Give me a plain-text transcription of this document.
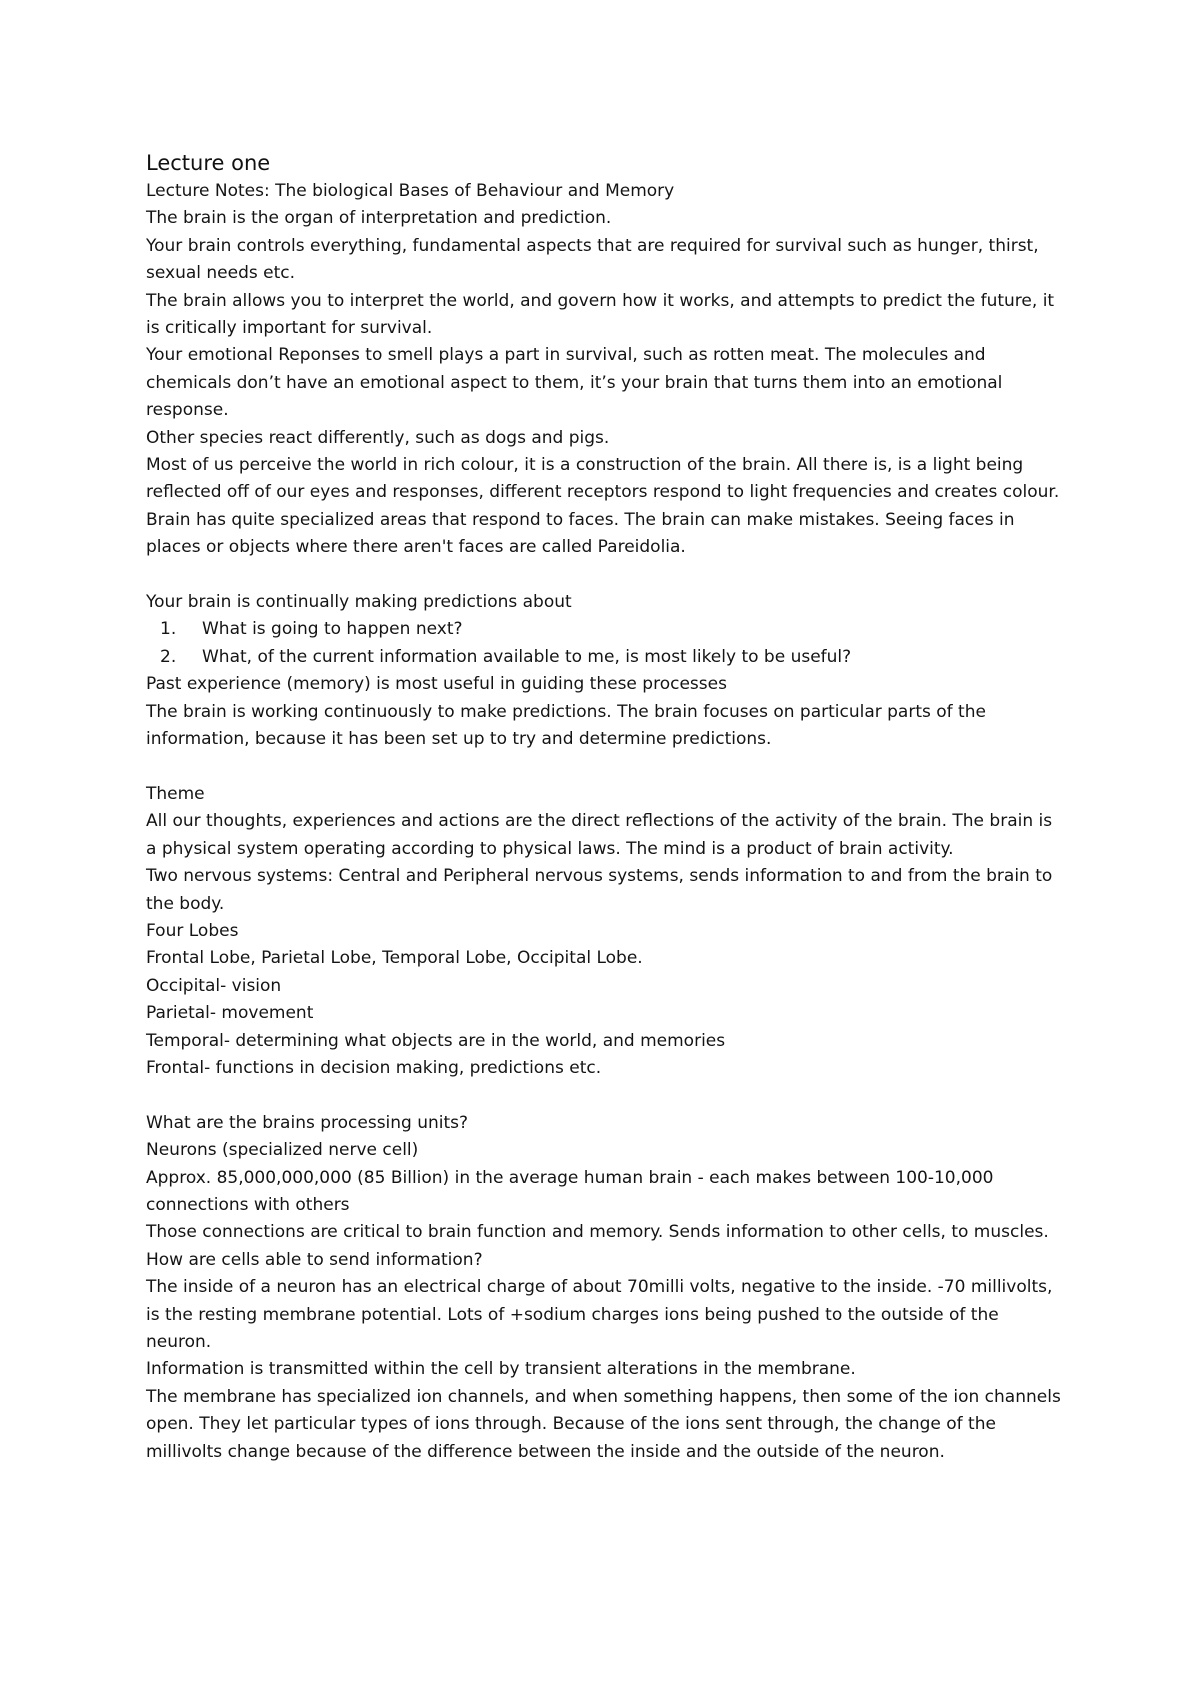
Lecture one

Lecture Notes: The biological Bases of Behaviour and Memory

The brain is the organ of interpretation and prediction.

Your brain controls everything, fundamental aspects that are required for survival such as hunger, thirst, sexual needs etc.

The brain allows you to interpret the world, and govern how it works, and attempts to predict the future, it is critically important for survival.

Your emotional Reponses to smell plays a part in survival, such as rotten meat. The molecules and chemicals don’t have an emotional aspect to them, it’s your brain that turns them into an emotional response.

Other species react differently, such as dogs and pigs.

Most of us perceive the world in rich colour, it is a construction of the brain. All there is, is a light being reflected off of our eyes and responses, different receptors respond to light frequencies and creates colour.

Brain has quite specialized areas that respond to faces. The brain can make mistakes. Seeing faces in places or objects where there aren't faces are called Pareidolia.

Your brain is continually making predictions about

1. What is going to happen next?
2. What, of the current information available to me, is most likely to be useful?

Past experience (memory) is most useful in guiding these processes

The brain is working continuously to make predictions. The brain focuses on particular parts of the information, because it has been set up to try and determine predictions.

Theme

All our thoughts, experiences and actions are the direct reflections of the activity of the brain. The brain is a physical system operating according to physical laws. The mind is a product of brain activity.

Two nervous systems: Central and Peripheral nervous systems, sends information to and from the brain to the body.

Four Lobes

Frontal Lobe, Parietal Lobe, Temporal Lobe, Occipital Lobe.

Occipital- vision

Parietal- movement

Temporal- determining what objects are in the world, and memories

Frontal- functions in decision making, predictions etc.

What are the brains processing units?

Neurons (specialized nerve cell)

Approx. 85,000,000,000 (85 Billion) in the average human brain - each makes between 100-10,000 connections with others

Those connections are critical to brain function and memory. Sends information to other cells, to muscles.

How are cells able to send information?

The inside of a neuron has an electrical charge of about 70milli volts, negative to the inside. -70 millivolts, is the resting membrane potential. Lots of +sodium charges ions being pushed to the outside of the neuron.

Information is transmitted within the cell by transient alterations in the membrane.

The membrane has specialized ion channels, and when something happens, then some of the ion channels open. They let particular types of ions through. Because of the ions sent through, the change of the millivolts change because of the difference between the inside and the outside of the neuron.
